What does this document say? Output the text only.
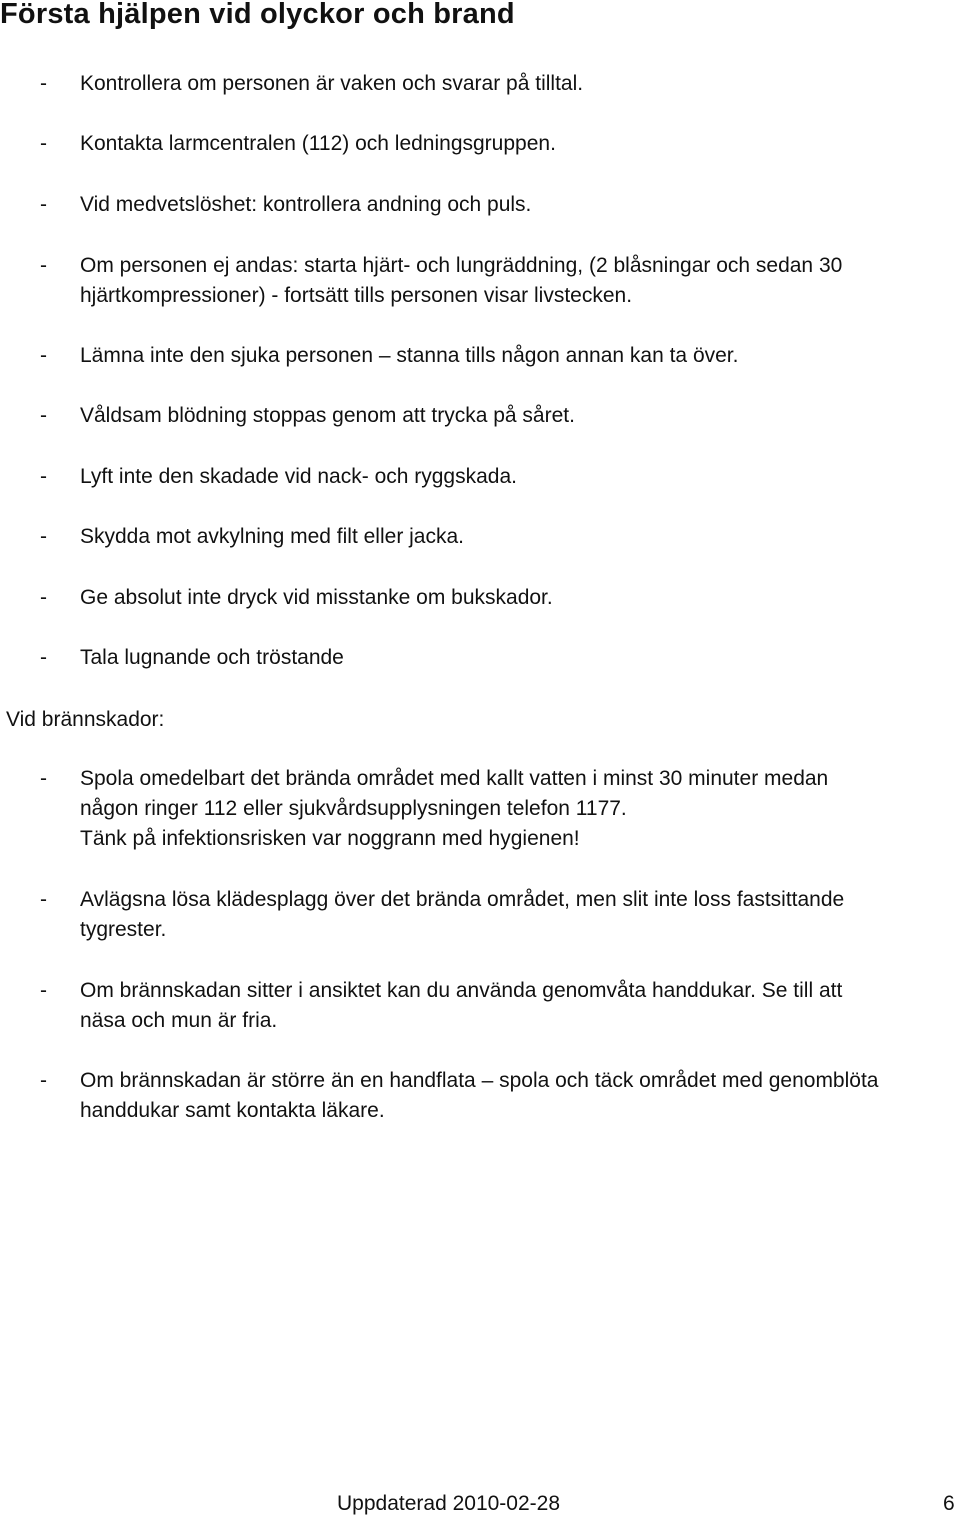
Första hjälpen vid olyckor och brand
- Kontrollera om personen är vaken och svarar på tilltal.
- Kontakta larmcentralen (112) och ledningsgruppen.
- Vid medvetslöshet: kontrollera andning och puls.
- Om personen ej andas: starta hjärt- och lungräddning, (2 blåsningar och sedan 30
hjärtkompressioner) - fortsätt tills personen visar livstecken.
- Lämna inte den sjuka personen – stanna tills någon annan kan ta över.
- Våldsam blödning stoppas genom att trycka på såret.
- Lyft inte den skadade vid nack- och ryggskada.
- Skydda mot avkylning med filt eller jacka.
- Ge absolut inte dryck vid misstanke om bukskador.
- Tala lugnande och tröstande
Vid brännskador:
- Spola omedelbart det brända området med kallt vatten i minst 30 minuter medan
någon ringer 112 eller sjukvårdsupplysningen telefon 1177.
Tänk på infektionsrisken var noggrann med hygienen!
- Avlägsna lösa klädesplagg över det brända området, men slit inte loss fastsittande
tygrester.
- Om brännskadan sitter i ansiktet kan du använda genomvåta handdukar. Se till att
näsa och mun är fria.
- Om brännskadan är större än en handflata – spola och täck området med genomblöta
handdukar samt kontakta läkare.
Uppdaterad 2010-02-28	6
